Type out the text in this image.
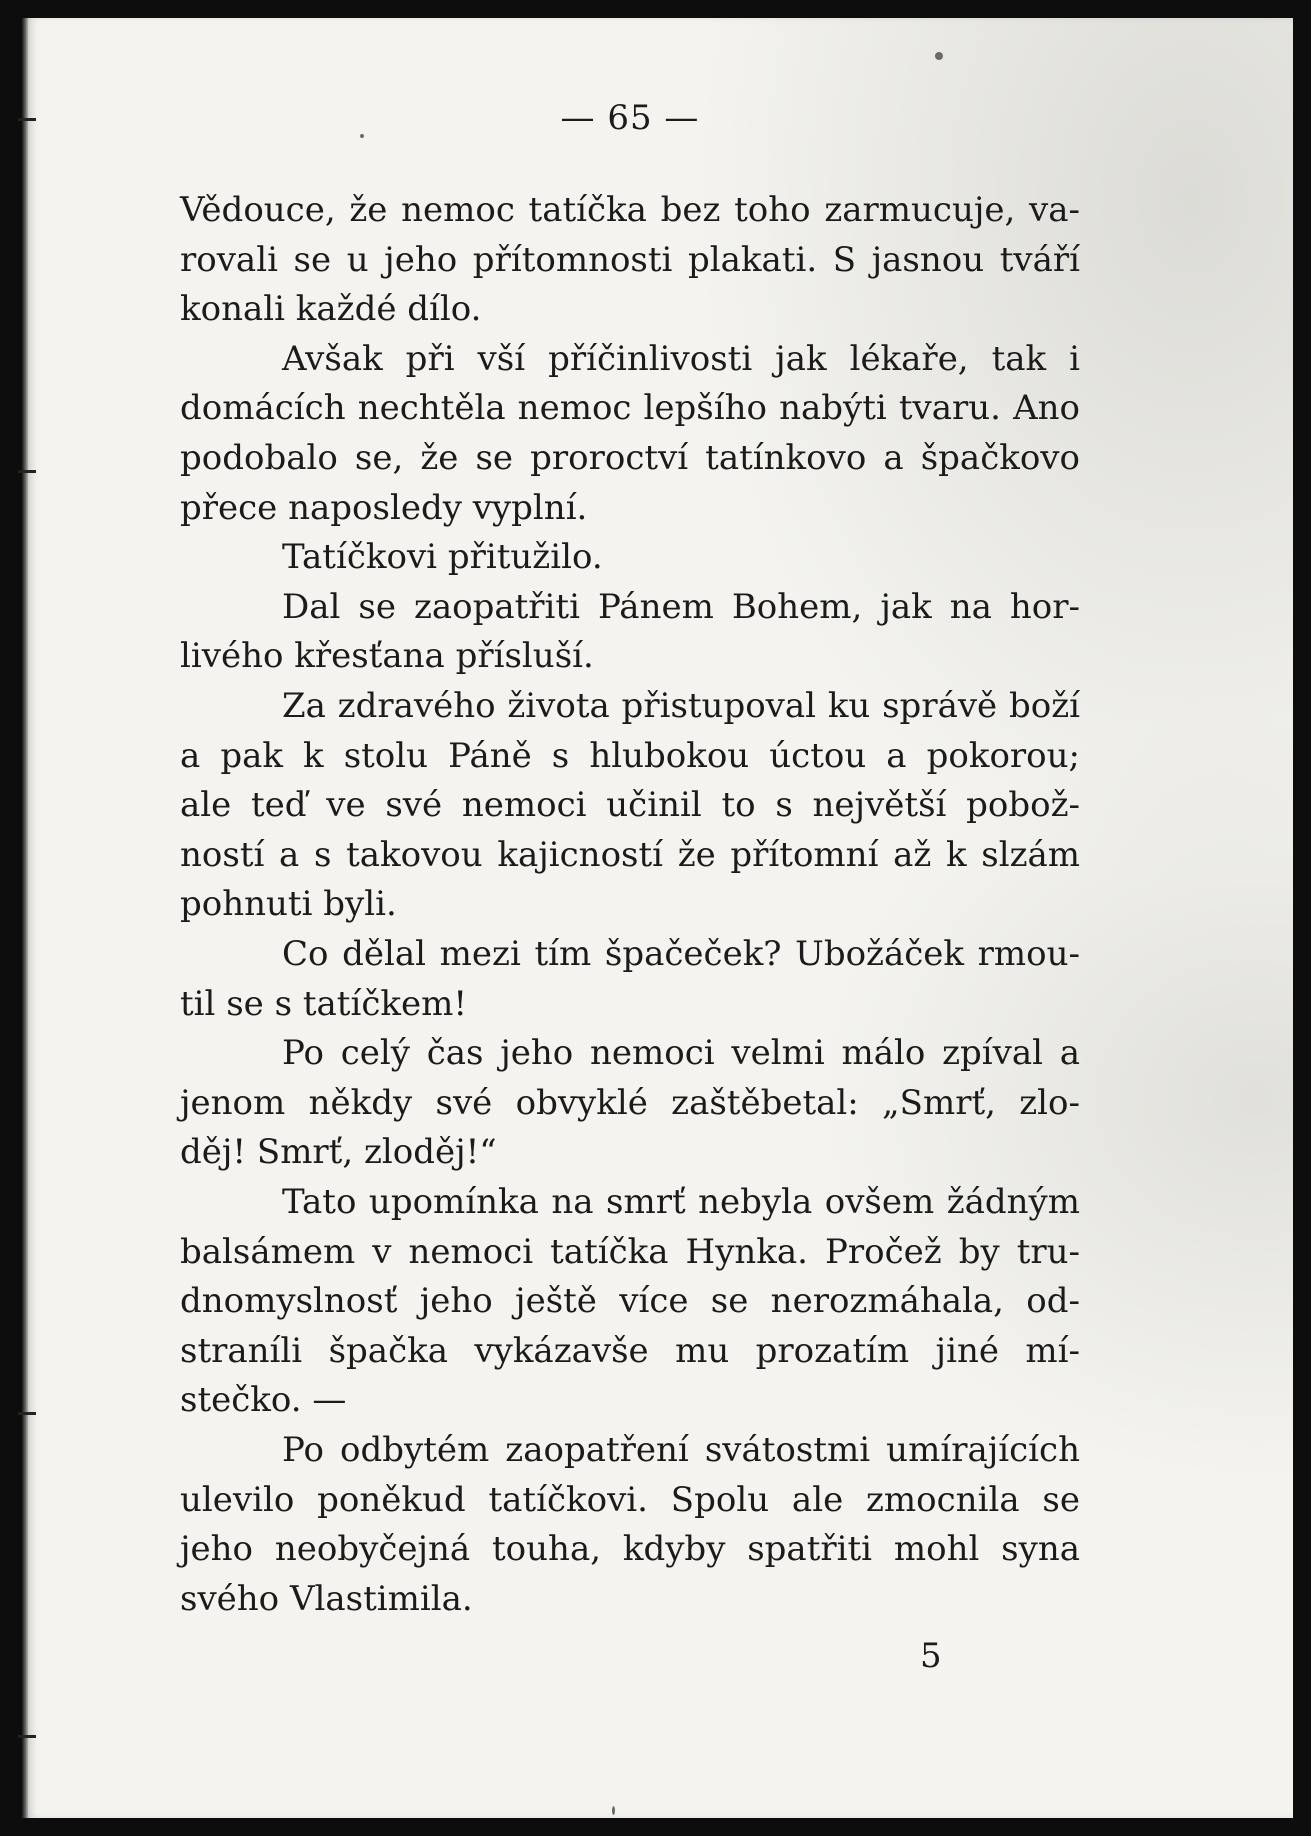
— 65 —
Vědouce, že nemoc tatíčka bez toho zarmucuje, va-
rovali se u jeho přítomnosti plakati. S jasnou tváří
konali každé dílo.
Avšak při vší příčinlivosti jak lékaře, tak i
domácích nechtěla nemoc lepšího nabýti tvaru. Ano
podobalo se, že se proroctví tatínkovo a špačkovo
přece naposledy vyplní.
Tatíčkovi přitužilo.
Dal se zaopatřiti Pánem Bohem, jak na hor-
livého křesťana přísluší.
Za zdravého života přistupoval ku správě boží
a pak k stolu Páně s hlubokou úctou a pokorou;
ale teď ve své nemoci učinil to s největší pobož-
ností a s takovou kajicností že přítomní až k slzám
pohnuti byli.
Co dělal mezi tím špačeček? Ubožáček rmou-
til se s tatíčkem!
Po celý čas jeho nemoci velmi málo zpíval a
jenom někdy své obvyklé zaštěbetal: „Smrť, zlo-
děj! Smrť, zloděj!“
Tato upomínka na smrť nebyla ovšem žádným
balsámem v nemoci tatíčka Hynka. Pročež by tru-
dnomyslnosť jeho ještě více se nerozmáhala, od-
straníli špačka vykázavše mu prozatím jiné mí-
stečko. —
Po odbytém zaopatření svátostmi umírajících
ulevilo poněkud tatíčkovi. Spolu ale zmocnila se
jeho neobyčejná touha, kdyby spatřiti mohl syna
svého Vlastimila.
5
